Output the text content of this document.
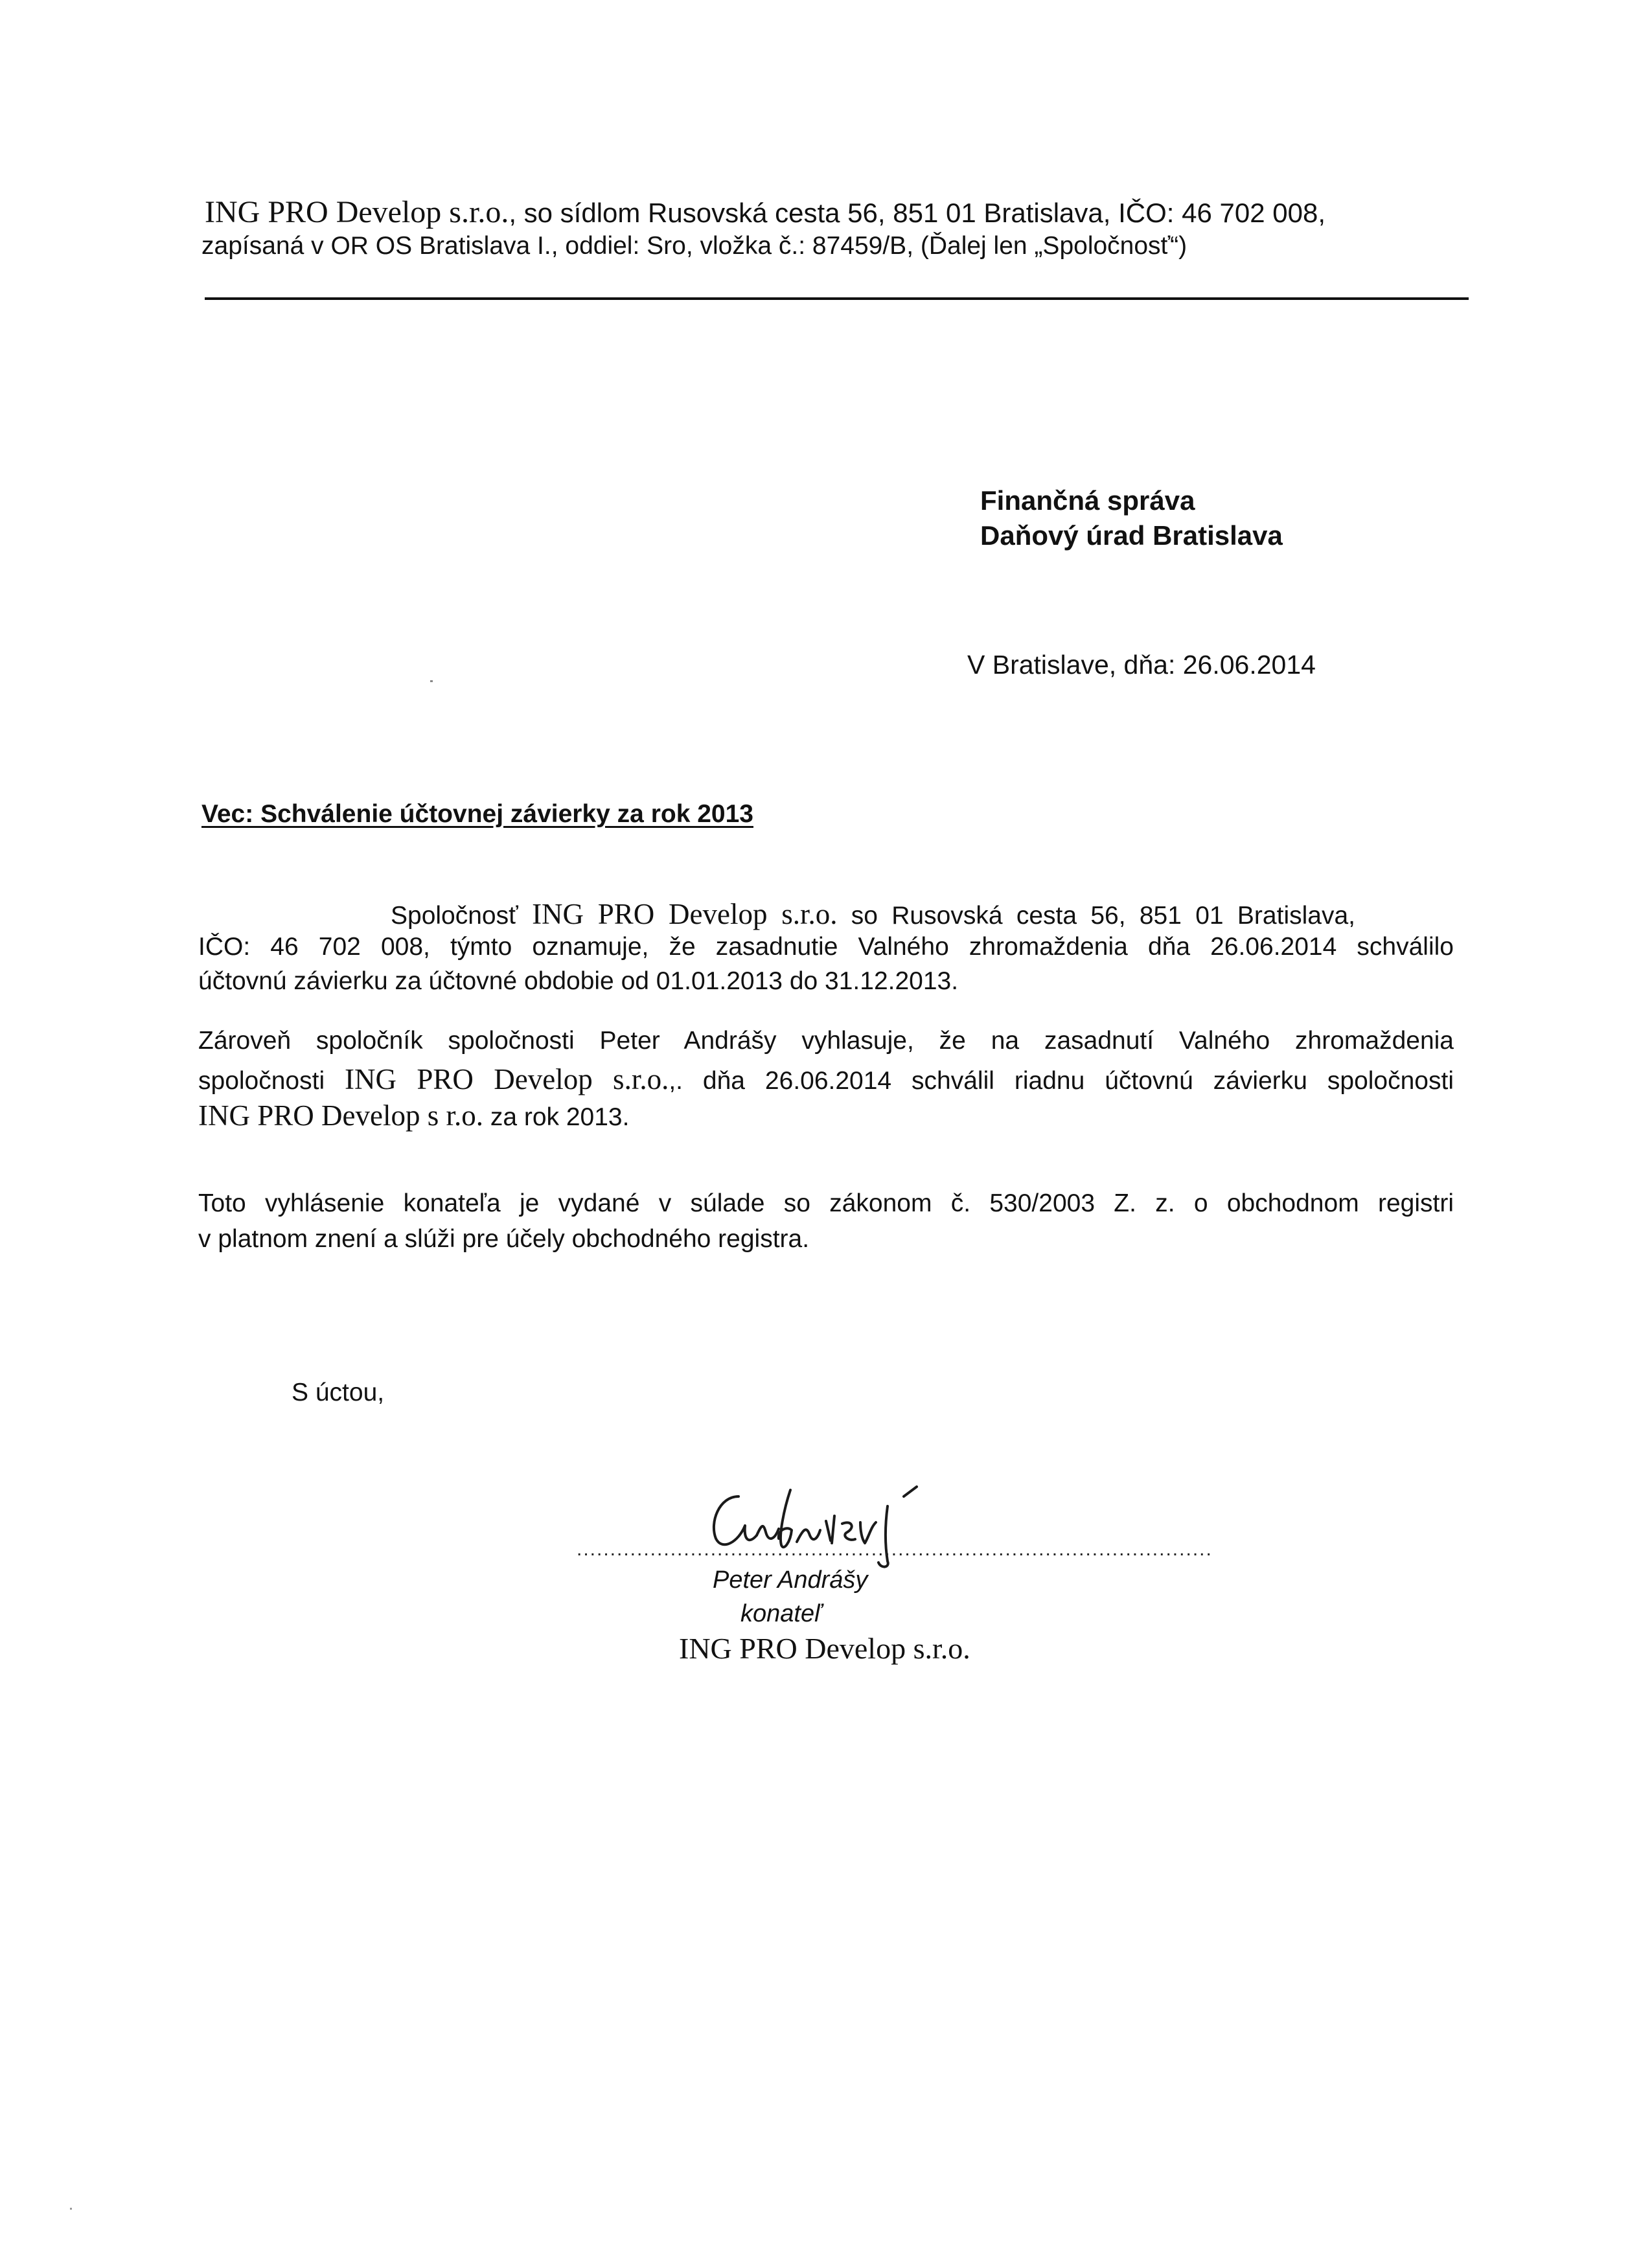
ING PRO Develop s.r.o., so sídlom Rusovská cesta 56, 851 01 Bratislava, IČO: 46 702 008,
zapísaná v OR OS Bratislava I., oddiel: Sro, vložka č.: 87459/B, (Ďalej len „Spoločnosť“)
Finančná správa
Daňový úrad Bratislava
V Bratislave, dňa: 26.06.2014
Vec: Schválenie účtovnej závierky za rok 2013
Spoločnosť ING PRO Develop s.r.o. so Rusovská cesta 56, 851 01 Bratislava,
IČO: 46 702 008, týmto oznamuje, že zasadnutie Valného zhromaždenia dňa 26.06.2014 schválilo
účtovnú závierku za účtovné obdobie od 01.01.2013 do 31.12.2013.
Zároveň spoločník spoločnosti Peter Andrášy vyhlasuje, že na zasadnutí Valného zhromaždenia
spoločnosti ING PRO Develop s.r.o.,. dňa 26.06.2014 schválil riadnu účtovnú závierku spoločnosti
ING PRO Develop s r.o. za rok 2013.
Toto vyhlásenie konateľa je vydané v súlade so zákonom č. 530/2003 Z. z. o obchodnom registri
v platnom znení a slúži pre účely obchodného registra.
S úctou,
...............................................................................................
Peter Andrášy
konateľ
ING PRO Develop s.r.o.
